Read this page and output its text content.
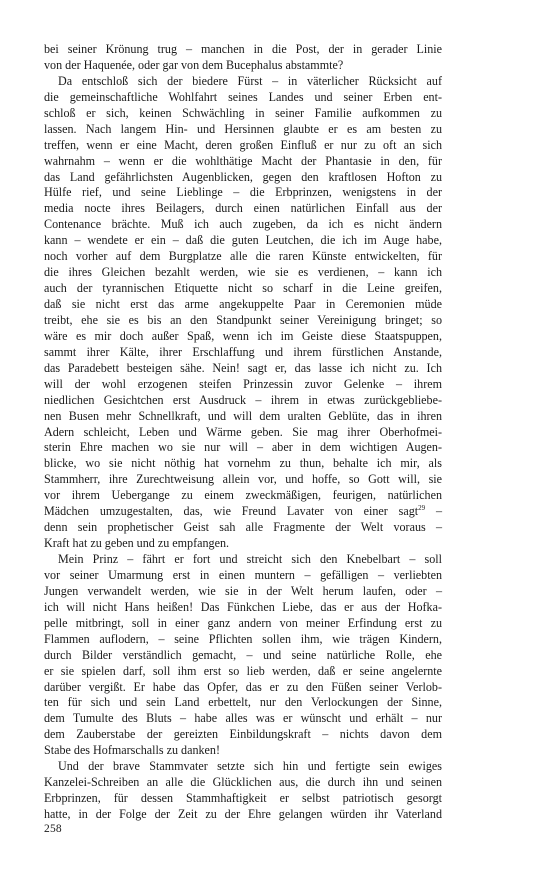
bei seiner Krönung trug – manchen in die Post, der in gerader Linie
von der Haquenée, oder gar von dem Bucephalus abstammte?
Da entschloß sich der biedere Fürst – in väterlicher Rücksicht auf
die gemeinschaftliche Wohlfahrt seines Landes und seiner Erben ent-
schloß er sich, keinen Schwächling in seiner Familie aufkommen zu
lassen. Nach langem Hin- und Hersinnen glaubte er es am besten zu
treffen, wenn er eine Macht, deren großen Einfluß er nur zu oft an sich
wahrnahm – wenn er die wohlthätige Macht der Phantasie in den, für
das Land gefährlichsten Augenblicken, gegen den kraftlosen Hofton zu
Hülfe rief, und seine Lieblinge – die Erbprinzen, wenigstens in der
media nocte ihres Beilagers, durch einen natürlichen Einfall aus der
Contenance brächte. Muß ich auch zugeben, da ich es nicht ändern
kann – wendete er ein – daß die guten Leutchen, die ich im Auge habe,
noch vorher auf dem Burgplatze alle die raren Künste entwickelten, für
die ihres Gleichen bezahlt werden, wie sie es verdienen, – kann ich
auch der tyrannischen Etiquette nicht so scharf in die Leine greifen,
daß sie nicht erst das arme angekuppelte Paar in Ceremonien müde
treibt, ehe sie es bis an den Standpunkt seiner Vereinigung bringet; so
wäre es mir doch außer Spaß, wenn ich im Geiste diese Staatspuppen,
sammt ihrer Kälte, ihrer Erschlaffung und ihrem fürstlichen Anstande,
das Paradebett besteigen sähe. Nein! sagt er, das lasse ich nicht zu. Ich
will der wohl erzogenen steifen Prinzessin zuvor Gelenke – ihrem
niedlichen Gesichtchen erst Ausdruck – ihrem in etwas zurückgebliebe-
nen Busen mehr Schnellkraft, und will dem uralten Geblüte, das in ihren
Adern schleicht, Leben und Wärme geben. Sie mag ihrer Oberhofmei-
sterin Ehre machen wo sie nur will – aber in dem wichtigen Augen-
blicke, wo sie nicht nöthig hat vornehm zu thun, behalte ich mir, als
Stammherr, ihre Zurechtweisung allein vor, und hoffe, so Gott will, sie
vor ihrem Uebergange zu einem zweckmäßigen, feurigen, natürlichen
Mädchen umzugestalten, das, wie Freund Lavater von einer sagt$^{29}$ –
denn sein prophetischer Geist sah alle Fragmente der Welt voraus –
Kraft hat zu geben und zu empfangen.
Mein Prinz – fährt er fort und streicht sich den Knebelbart – soll
vor seiner Umarmung erst in einen muntern – gefälligen – verliebten
Jungen verwandelt werden, wie sie in der Welt herum laufen, oder –
ich will nicht Hans heißen! Das Fünkchen Liebe, das er aus der Hofka-
pelle mitbringt, soll in einer ganz andern von meiner Erfindung erst zu
Flammen auflodern, – seine Pflichten sollen ihm, wie trägen Kindern,
durch Bilder verständlich gemacht, – und seine natürliche Rolle, ehe
er sie spielen darf, soll ihm erst so lieb werden, daß er seine angelernte
darüber vergißt. Er habe das Opfer, das er zu den Füßen seiner Verlob-
ten für sich und sein Land erbettelt, nur den Verlockungen der Sinne,
dem Tumulte des Bluts – habe alles was er wünscht und erhält – nur
dem Zauberstabe der gereizten Einbildungskraft – nichts davon dem
Stabe des Hofmarschalls zu danken!
Und der brave Stammvater setzte sich hin und fertigte sein ewiges
Kanzelei-Schreiben an alle die Glücklichen aus, die durch ihn und seinen
Erbprinzen, für dessen Stammhaftigkeit er selbst patriotisch gesorgt
hatte, in der Folge der Zeit zu der Ehre gelangen würden ihr Vaterland
258
